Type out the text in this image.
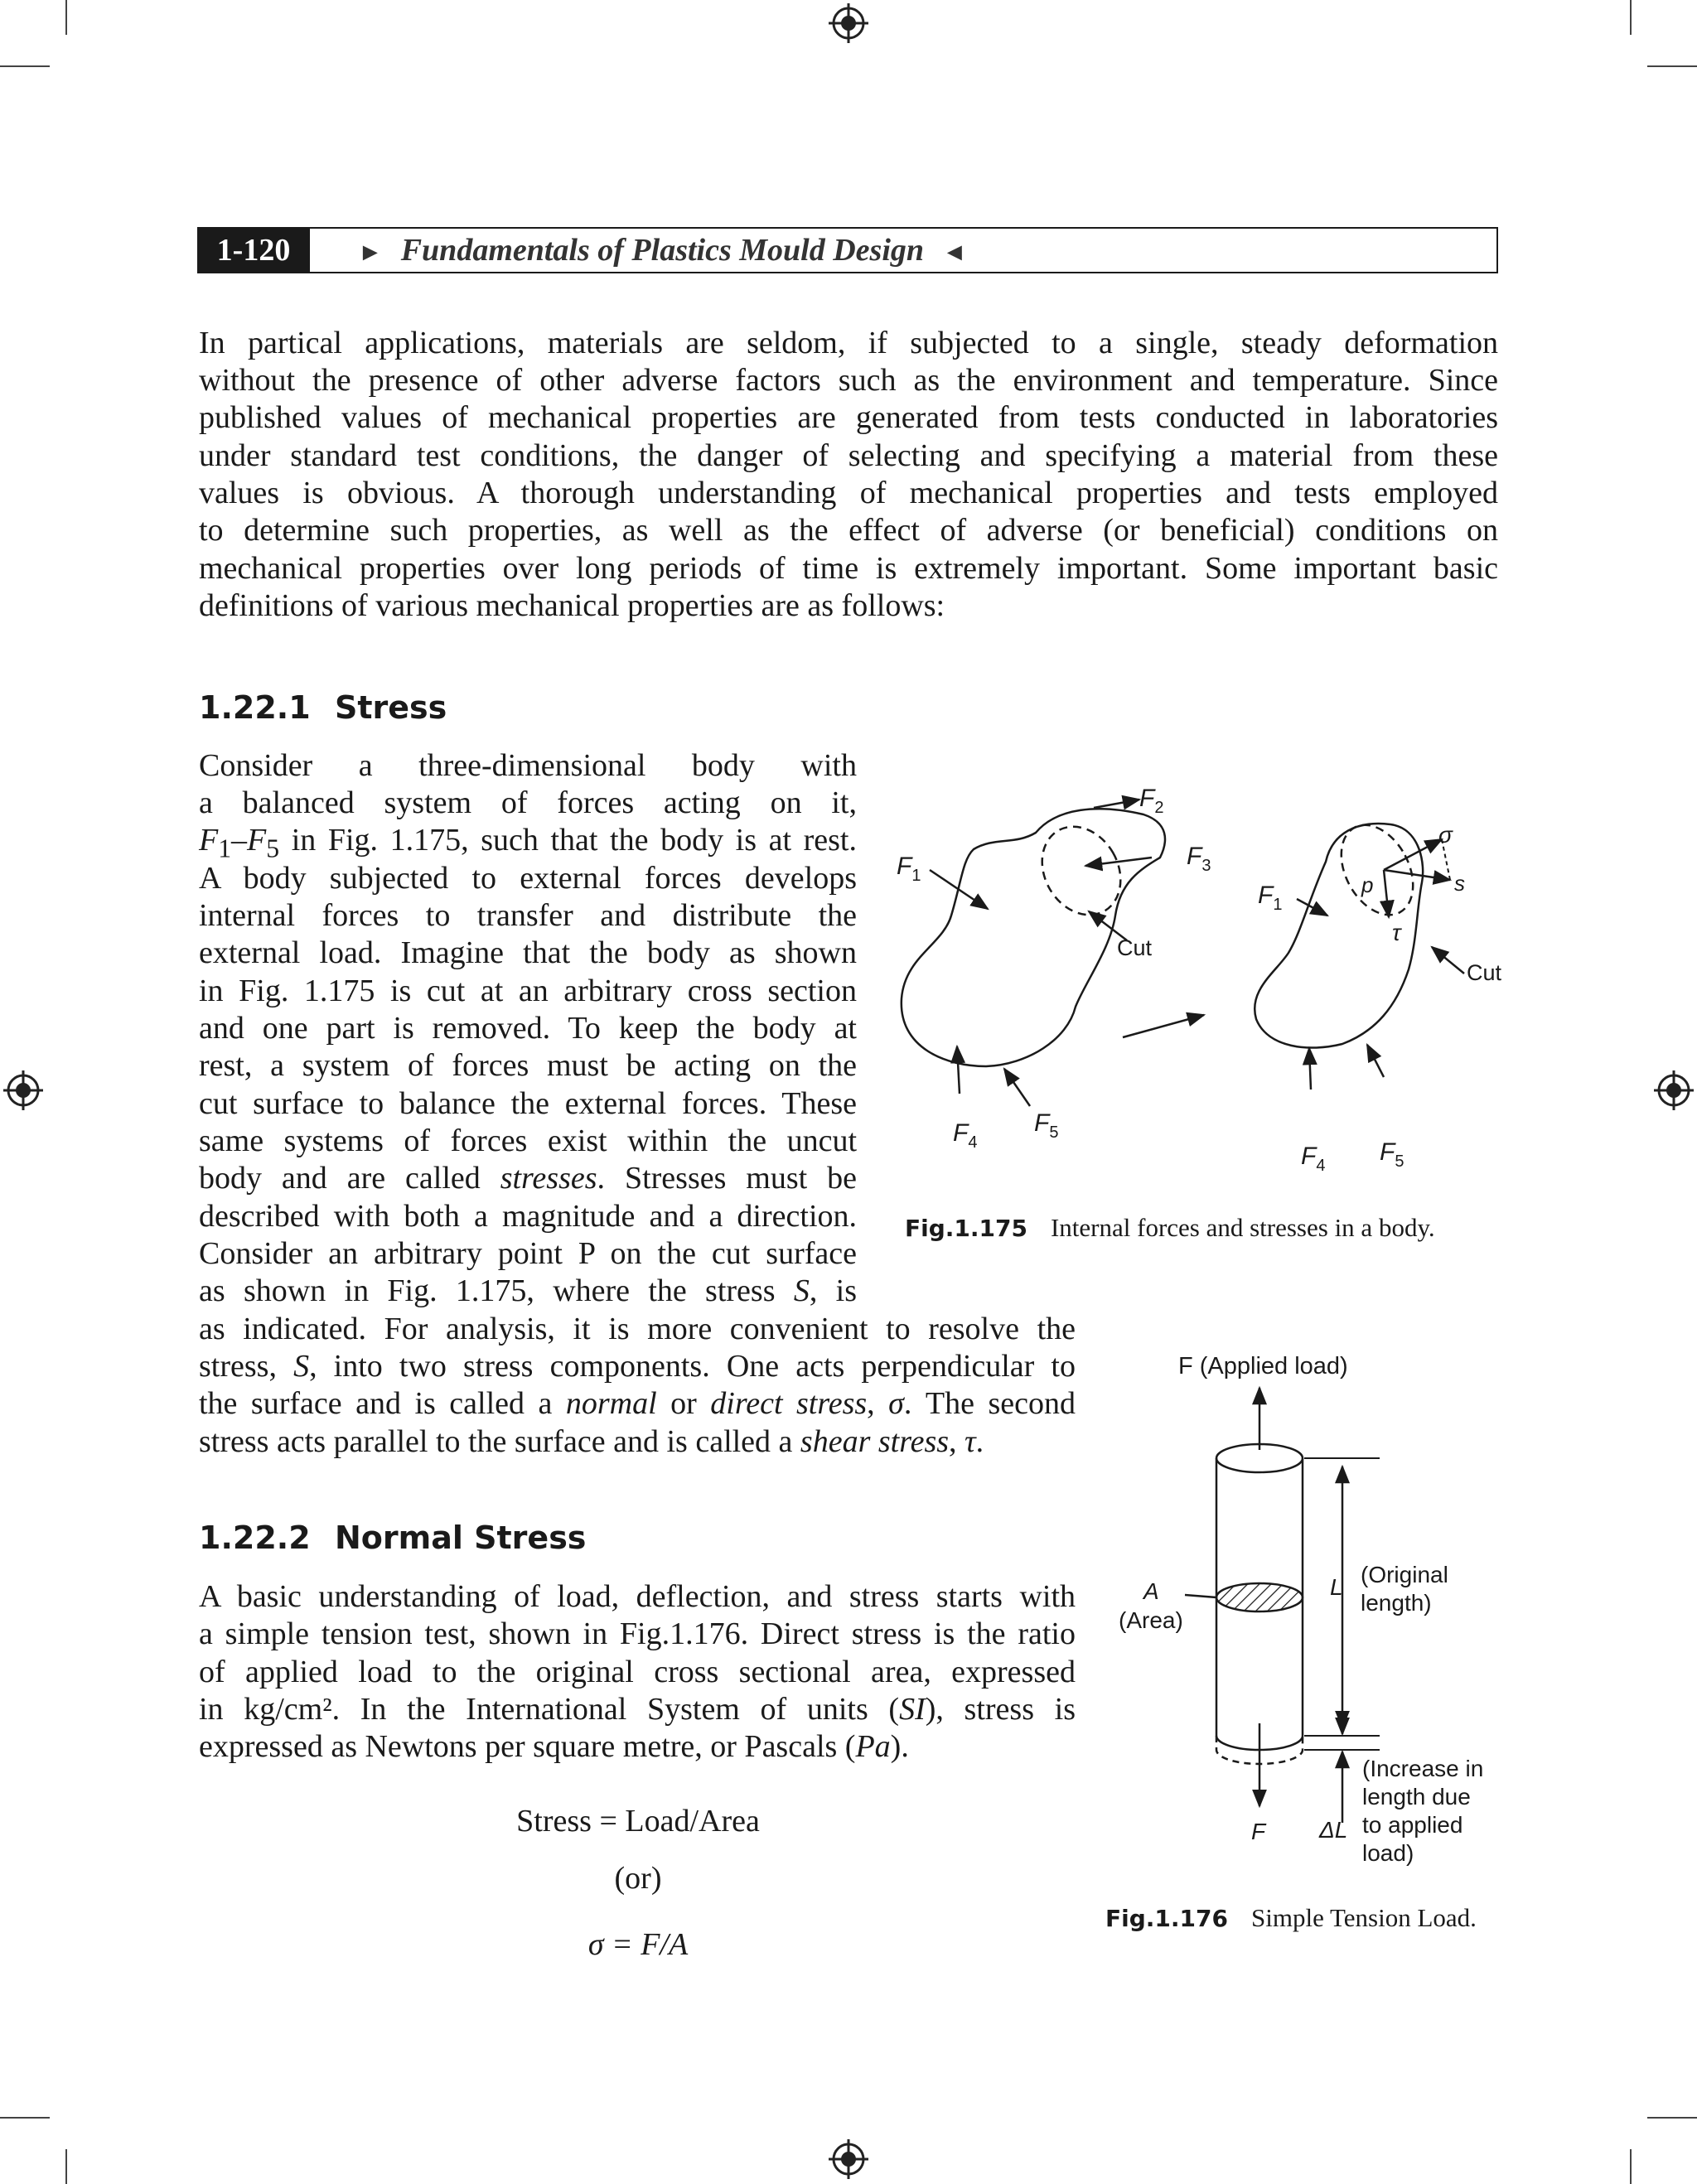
1-120	► Fundamentals of Plastics Mould Design ◄
In partical applications, materials are seldom, if subjected to a single, steady deformation
without the presence of other adverse factors such as the environment and temperature. Since
published values of mechanical properties are generated from tests conducted in laboratories
under standard test conditions, the danger of selecting and specifying a material from these
values is obvious. A thorough understanding of mechanical properties and tests employed
to determine such properties, as well as the effect of adverse (or beneficial) conditions on
mechanical properties over long periods of time is extremely important. Some important basic
definitions of various mechanical properties are as follows:
1.22.1 Stress
Consider a three-dimensional body with
a balanced system of forces acting on it,
$F_1-F_5$ in Fig. 1.175, such that the body is at rest.
A body subjected to external forces develops
internal forces to transfer and distribute the
external load. Imagine that the body as shown
in Fig. 1.175 is cut at an arbitrary cross section
and one part is removed. To keep the body at
rest, a system of forces must be acting on the
cut surface to balance the external forces. These
same systems of forces exist within the uncut
body and are called stresses. Stresses must be
described with both a magnitude and a direction.
Consider an arbitrary point P on the cut surface
as shown in Fig. 1.175, where the stress S, is
as indicated. For analysis, it is more convenient to resolve the
stress, S, into two stress components. One acts perpendicular to
the surface and is called a normal or direct stress, σ. The second
stress acts parallel to the surface and is called a shear stress, τ.
$F_1$
$F_2$
$F_3$
$F_4$
$F_5$
$F_1$
$F_4$ $F_5$
p	s
σ
τ
Cut
Cut
Fig.1.175 Internal forces and stresses in a body.
1.22.2 Normal Stress
A basic understanding of load, deflection, and stress starts with
a simple tension test, shown in Fig.1.176. Direct stress is the ratio
of applied load to the original cross sectional area, expressed
in kg/cm². In the International System of units (SI), stress is
expressed as Newtons per square metre, or Pascals (Pa).
Stress = Load/Area
(or)
σ = F/A
F (Applied load)
A
(Area)
L (Original
length)
F ΔL
(Increase in
length due
to applied
load)
Fig.1.176 Simple Tension Load.
